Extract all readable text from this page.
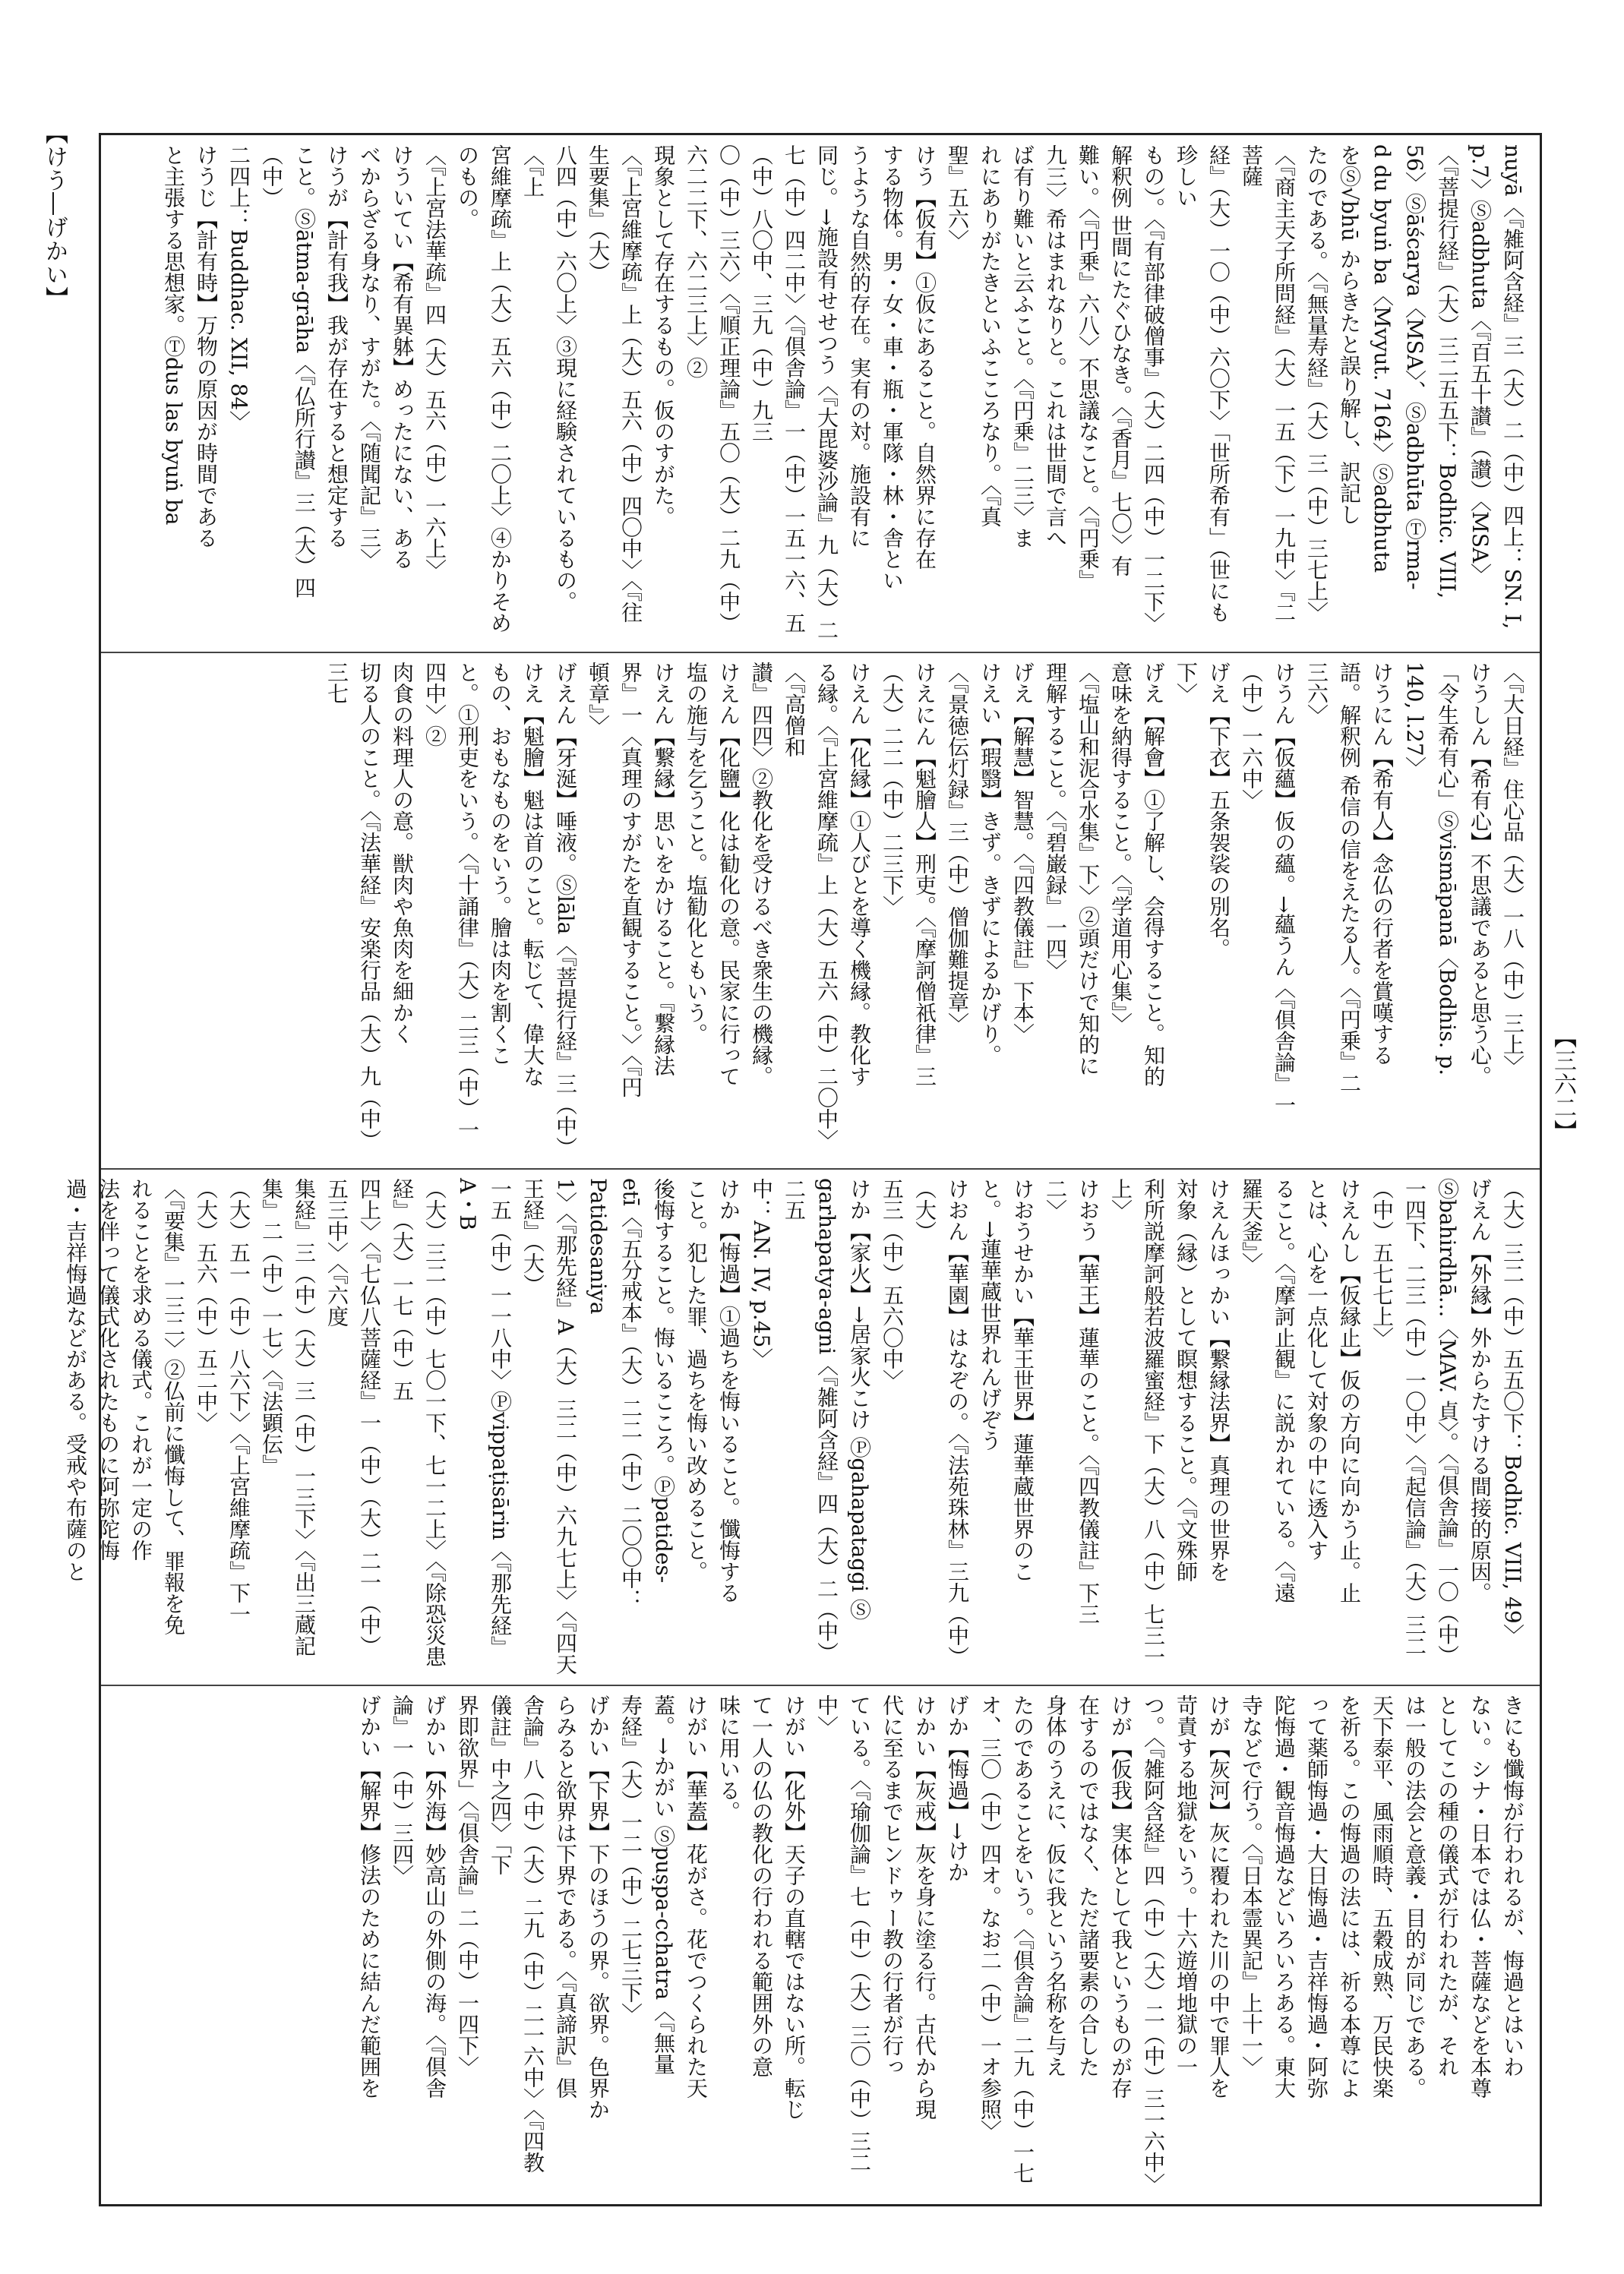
【けう―げかい】
【三六二】

nuyā〈『雑阿含経』三（大）二（中）四上：SN. I,

p.7〉Ⓢadbhuta〈『百五十讃』（讃）〈MSA〉

〈『菩提行経』（大）三二五五下：Bodhic. VIII,

56〉Ⓢāścarya〈MSA〉、Ⓢadbhūta Ⓣrma-

d du byuṅ ba〈Mvyut. 7164〉Ⓢadbhuta

をⓈ√bhū からきたと誤り解し、訳記し

たのである。〈『無量寿経』（大）三（中）三七上〉

〈『商主天子所問経』（大）一五（下）一九中〉『二菩薩

経』（大）一〇（中）六〇下〉「世所希有」（世にも珍しい

もの）。〈『有部律破僧事』（大）二四（中）一二下〉

解釈例 世間にたぐひなき。〈『香月』七〇〉有

難い。〈『円乗』六八〉不思議なこと。〈『円乗』

九三〉希はまれなりと。これは世間で言へ

ば有り難いと云ふこと。〈『円乗』二三〉ま

れにありがたきといふこころなり。〈『真

聖』五六〉

けう【仮有】①仮にあること。自然界に存在

する物体。男・女・車・瓶・軍隊・林・舎とい

うような自然的存在。実有の対。施設有に

同じ。→施設有せせつう〈『大毘婆沙論』九（大）二

七（中）四二中〉〈『倶舎論』一（中）一五一六、五（中）八〇中、三九（中）九三

〇（中）三六〉〈『順正理論』五〇（大）二九（中）六二二下、六二三上〉②

現象として存在するもの。仮のすがた。

〈『上宮維摩疏』上（大）五六（中）四〇中〉〈『往生要集』（大）

八四（中）六〇上〉③現に経験されているもの。〈『上

宮維摩疏』上（大）五六（中）二〇上〉④かりそめのもの。

〈『上宮法華疏』四（大）五六（中）一六上〉

けういてい【希有異躰】めったにない、ある

べからざる身なり、すがた。〈『随聞記』三〉

けうが【計有我】我が存在すると想定する

こと。Ⓢātma-grāha〈『仏所行讃』三（大）四（中）

二四上：Buddhac. XII, 84〉

けうじ【計有時】万物の原因が時間である

と主張する思想家。Ⓣdus las byuṅ ba

〈『大日経』住心品（大）一八（中）三上〉

けうしん【希有心】不思議であると思う心。

「令生希有心」Ⓢvismāpanā〈Bodhis. p.

140, l.27〉

けうにん【希有人】念仏の行者を賞嘆する

語。解釈例 希信の信をえたる人。〈『円乗』二

三六〉

けうん【仮蘊】仮の蘊。→蘊うん〈『倶舎論』一

（中）一六中〉

げえ【下衣】五条袈裟の別名。

下〉

げえ【解會】①了解し、会得すること。知的

意味を納得すること。〈『学道用心集』〉

〈『塩山和泥合水集』下〉②頭だけで知的に

理解すること。〈『碧巌録』一四〉

げえ【解慧】智慧。〈『四教儀註』下本〉

けえい【瑕翳】きず。きずによるかげり。

〈『景徳伝灯録』三（中）僧伽難提章〉

けえにん【魁膾人】刑吏。〈『摩訶僧祇律』三

（大）二二（中）二三下〉

けえん【化縁】①人びとを導く機縁。教化す

る縁。〈『上宮維摩疏』上（大）五六（中）二〇中〉〈『高僧和

讃』四四〉②教化を受けるべき衆生の機縁。

けえん【化鹽】化は勧化の意。民家に行って

塩の施与を乞うこと。塩勧化ともいう。

けえん【繋縁】思いをかけること。『繋縁法

界』一〈真理のすがたを直観すること。〉〈『円

頓章』〉

げえん【牙涎】唾液。Ⓢlāla〈『菩提行経』三（中）

けえ【魁膾】魁は首のこと。転じて、偉大な

もの、おもなものをいう。膾は肉を割くこ

と。①刑吏をいう。〈『十誦律』（大）二三（中）一四中〉②

肉食の料理人の意。獣肉や魚肉を細かく

切る人のこと。〈『法華経』安楽行品（大）九（中）三七

（大）三二（中）五五〇下：Bodhic. VIII, 49〉

げえん【外縁】外からたすける間接的原因。

Ⓢbahirdhā…〈MAV. 貞〉。〈『倶舎論』一〇（中）

一四下、二三（中）一〇中〉〈『起信論』（大）三二（中）五七七上〉

けえんし【仮縁止】仮の方向に向かう止。止

とは、心を一点化して対象の中に透入す

ること。〈『摩訶止観』に説かれている。〈『遠

羅天釜』〉

けえんほっかい【繋縁法界】真理の世界を

対象（縁）として瞑想すること。〈『文殊師

利所説摩訶般若波羅蜜経』下（大）八（中）七三一上〉

けおう【華王】蓮華のこと。〈『四教儀註』下三

二〉

けおうせかい【華王世界】蓮華蔵世界のこ

と。→蓮華蔵世界れんげぞう

けおん【華園】はなぞの。〈『法苑珠林』三九（中）（大）

五三（中）五六〇中〉

けか【家火】→居家火こけ Ⓟgahapataggi Ⓢ

garhapatya-agni〈『雑阿含経』四（大）二（中）二五

中：AN. IV, p.45〉

けか【悔過】①過ちを悔いること。懺悔する

こと。犯した罪、過ちを悔い改めること。

後悔すること。悔いるこころ。Ⓟpatides-

etī〈『五分戒本』（大）二二（中）二〇〇中：Patidesaniya

1〉〈『那先経』A（大）三二（中）六九七上〉〈『四天王経』（大）

一五（中）一一八中〉Ⓟvippaṭisārin〈『那先経』A・B

（大）三二（中）七〇一下、七一二上〉〈『除恐災患経』（大）一七（中）五

四上〉〈『七仏八菩薩経』一（中）（大）二一（中）五三中〉〈『六度

集経』三（中）（大）三（中）一三下〉〈『出三蔵記集』二（中）一七〉〈『法顕伝』

（大）五一（中）八六下〉〈『上宮維摩疏』下一（大）五六（中）五二中〉

〈『要集』一三二〉②仏前に懺悔して、罪報を免

れることを求める儀式。これが一定の作

法を伴って儀式化されたものに阿弥陀悔

過・吉祥悔過などがある。受戒や布薩のと

きにも懺悔が行われるが、悔過とはいわ

ない。シナ・日本では仏・菩薩などを本尊

としてこの種の儀式が行われたが、それ

は一般の法会と意義・目的が同じである。

天下泰平、風雨順時、五穀成熟、万民快楽

を祈る。この悔過の法には、祈る本尊によ

って薬師悔過・大日悔過・吉祥悔過・阿弥

陀悔過・観音悔過などいろいろある。東大

寺などで行う。〈『日本霊異記』上十一〉

けが【灰河】灰に覆われた川の中で罪人を

苛責する地獄をいう。十六遊増地獄の一

つ。〈『雑阿含経』四（中）（大）二（中）三一六中〉

けが【仮我】実体として我というものが存

在するのではなく、ただ諸要素の合した

身体のうえに、仮に我という名称を与え

たのであることをいう。〈『倶舎論』二九（中）一七

オ、三〇（中）四オ。なお二（中）一オ参照〉

げか【悔過】→けか

けかい【灰戒】灰を身に塗る行。古代から現

代に至るまでヒンドゥー教の行者が行っ

ている。〈『瑜伽論』七（中）（大）三〇（中）三二中〉

けがい【化外】天子の直轄ではない所。転じ

て一人の仏の教化の行われる範囲外の意

味に用いる。

けがい【華蓋】花がさ。花でつくられた天

蓋。→かがい Ⓢpuṣpa-cchatra〈『無量

寿経』（大）一二（中）二七三下〉

げかい【下界】下のほうの界。欲界。色界か

らみると欲界は下界である。〈『真諦訳』倶

舎論』八（中）（大）二九（中）二一六中〉〈『四教儀註』中之四〉「下

界即欲界」〈『倶舎論』二（中）一四下〉

げかい【外海】妙高山の外側の海。〈『倶舎

論』一（中）三四〉

げかい【解界】修法のために結んだ範囲を
